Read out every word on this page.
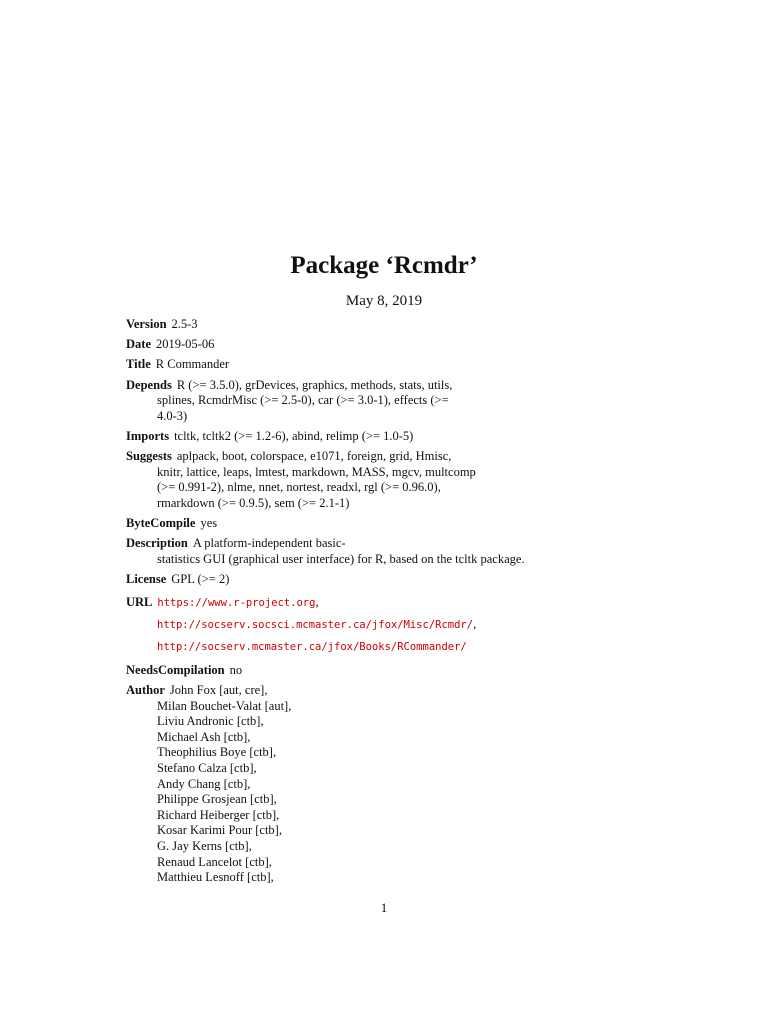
Package ‘Rcmdr’
May 8, 2019
Version 2.5-3
Date 2019-05-06
Title R Commander
Depends R (>= 3.5.0), grDevices, graphics, methods, stats, utils,
splines, RcmdrMisc (>= 2.5-0), car (>= 3.0-1), effects (>=
4.0-3)
Imports tcltk, tcltk2 (>= 1.2-6), abind, relimp (>= 1.0-5)
Suggests aplpack, boot, colorspace, e1071, foreign, grid, Hmisc,
knitr, lattice, leaps, lmtest, markdown, MASS, mgcv, multcomp
(>= 0.991-2), nlme, nnet, nortest, readxl, rgl (>= 0.96.0),
rmarkdown (>= 0.9.5), sem (>= 2.1-1)
ByteCompile yes
Description A platform-independent basic-
statistics GUI (graphical user interface) for R, based on the tcltk package.
License GPL (>= 2)
URL https://www.r-project.org,
http://socserv.socsci.mcmaster.ca/jfox/Misc/Rcmdr/,
http://socserv.mcmaster.ca/jfox/Books/RCommander/
NeedsCompilation no
Author John Fox [aut, cre],
Milan Bouchet-Valat [aut],
Liviu Andronic [ctb],
Michael Ash [ctb],
Theophilius Boye [ctb],
Stefano Calza [ctb],
Andy Chang [ctb],
Philippe Grosjean [ctb],
Richard Heiberger [ctb],
Kosar Karimi Pour [ctb],
G. Jay Kerns [ctb],
Renaud Lancelot [ctb],
Matthieu Lesnoff [ctb],
1
